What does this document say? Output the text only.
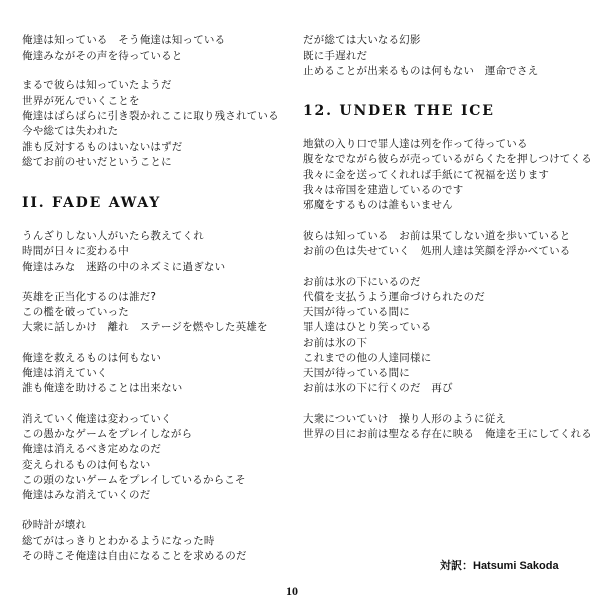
俺達は知っている　そう俺達は知っている
俺達みながその声を待っていると
まるで彼らは知っていたようだ
世界が死んでいくことを
俺達はばらばらに引き裂かれここに取り残されている
今や総ては失われた
誰も反対するものはいないはずだ
総てお前のせいだということに
II. FADE AWAY
うんざりしない人がいたら教えてくれ
時間が日々に変わる中
俺達はみな　迷路の中のネズミに過ぎない
英雄を正当化するのは誰だ?
この檻を破っていった
大衆に話しかけ　離れ　ステージを燃やした英雄を
俺達を救えるものは何もない
俺達は消えていく
誰も俺達を助けることは出来ない
消えていく俺達は変わっていく
この愚かなゲームをプレイしながら
俺達は消えるべき定めなのだ
変えられるものは何もない
この頭のないゲームをプレイしているからこそ
俺達はみな消えていくのだ
砂時計が壊れ
総てがはっきりとわかるようになった時
その時こそ俺達は自由になることを求めるのだ
だが総ては大いなる幻影
既に手遅れだ
止めることが出来るものは何もない　運命でさえ
12. UNDER THE ICE
地獄の入り口で罪人達は列を作って待っている
腹をなでながら彼らが売っているがらくたを押しつけてくる
我々に金を送ってくれれば手紙にて祝福を送ります
我々は帝国を建造しているのです
邪魔をするものは誰もいません
彼らは知っている　お前は果てしない道を歩いていると
お前の色は失せていく　処刑人達は笑顔を浮かべている
お前は氷の下にいるのだ
代償を支払うよう運命づけられたのだ
天国が待っている間に
罪人達はひとり笑っている
お前は氷の下
これまでの他の人達同様に
天国が待っている間に
お前は氷の下に行くのだ　再び
大衆についていけ　操り人形のように従え
世界の目にお前は聖なる存在に映る　俺達を王にしてくれる
対訳：Hatsumi Sakoda
10
